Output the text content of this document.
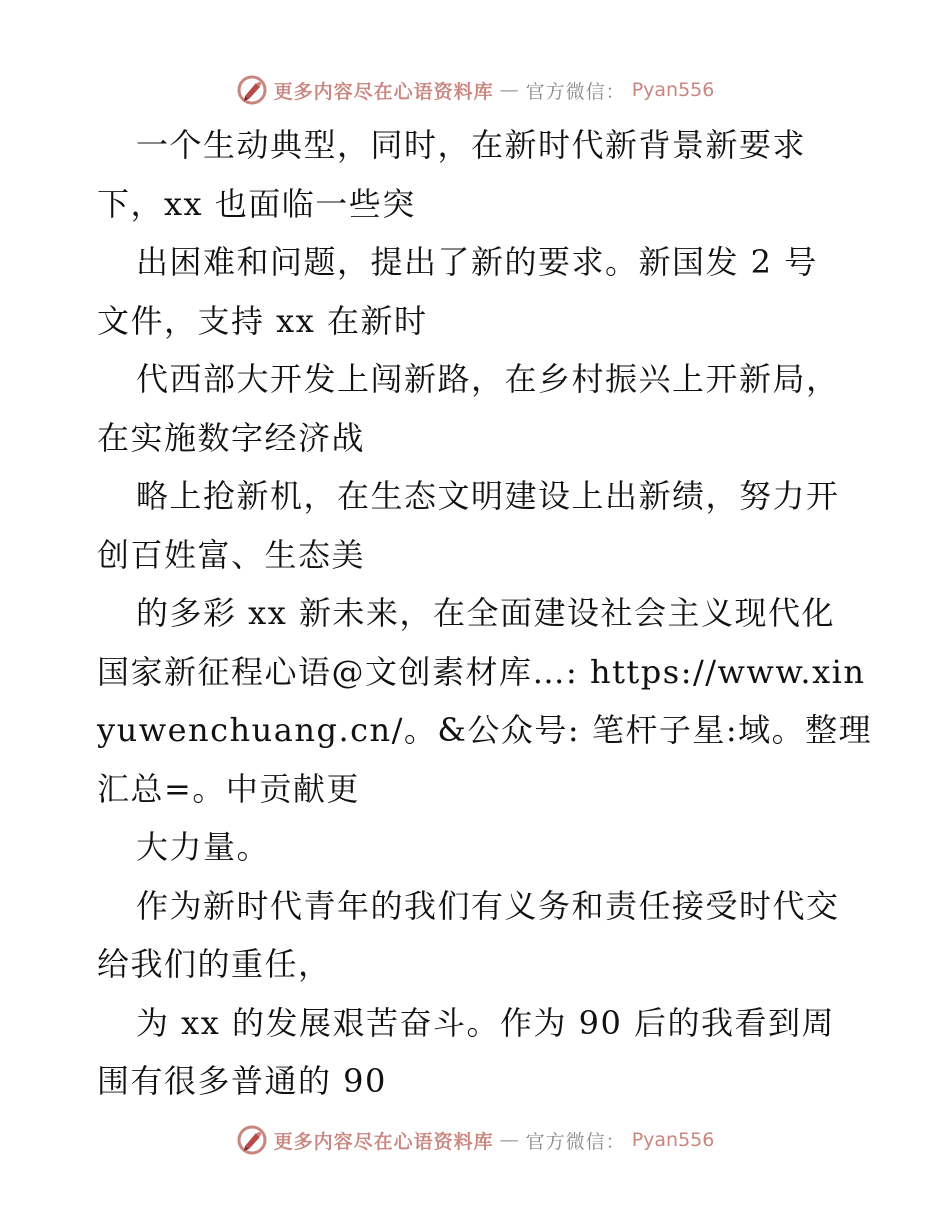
更多内容尽在心语资料库 — 官方微信： Pyan556
一个生动典型，同时，在新时代新背景新要求
下，xx 也面临一些突
出困难和问题，提出了新的要求。新国发 2 号
文件，支持 xx 在新时
代西部大开发上闯新路，在乡村振兴上开新局，
在实施数字经济战
略上抢新机，在生态文明建设上出新绩，努力开
创百姓富、生态美
的多彩 xx 新未来，在全面建设社会主义现代化
国家新征程心语@文创素材库…: https://www.xin
yuwenchuang.cn/。&公众号: 笔杆子星:域。整理
汇总=。中贡献更
大力量。
作为新时代青年的我们有义务和责任接受时代交
给我们的重任，
为 xx 的发展艰苦奋斗。作为 90 后的我看到周
围有很多普通的 90
更多内容尽在心语资料库 — 官方微信： Pyan556
